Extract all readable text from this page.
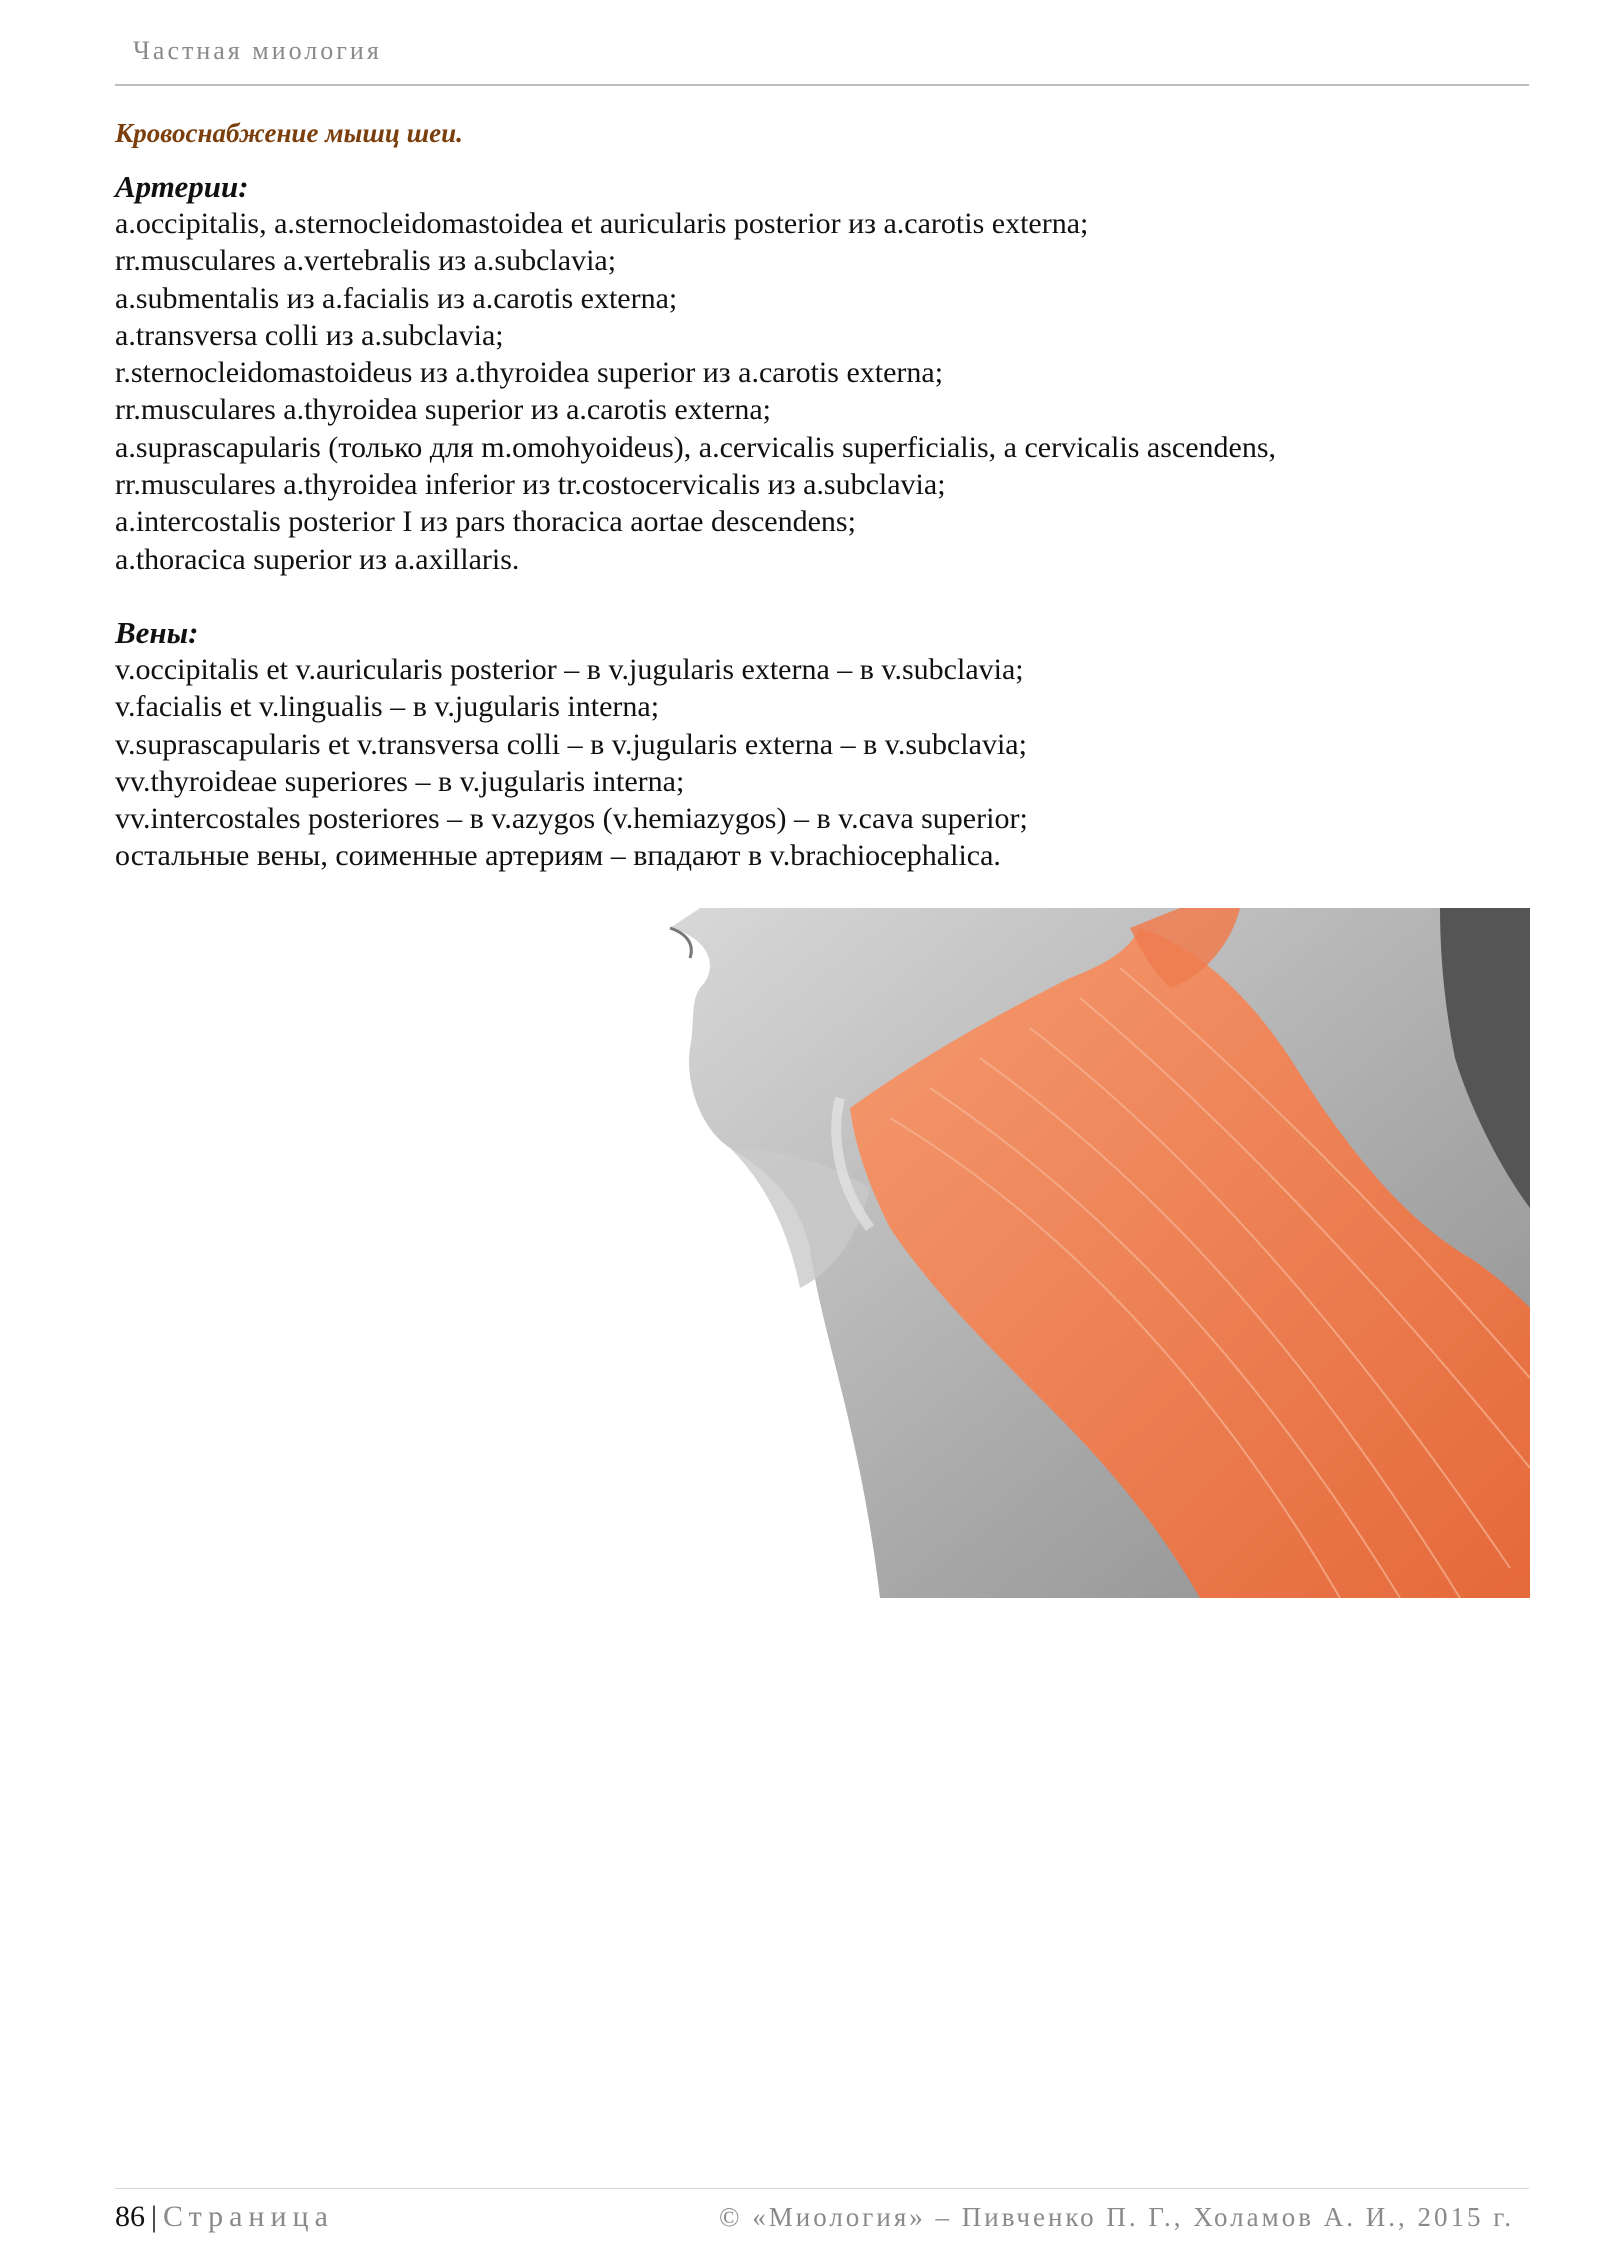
Частная миология
Кровоснабжение мышц шеи.
Артерии:
a.occipitalis, a.sternocleidomastoidea et auricularis posterior из a.carotis externa;
rr.musculares a.vertebralis из a.subclavia;
a.submentalis из a.facialis из a.carotis externa;
a.transversa colli из a.subclavia;
r.sternocleidomastoideus из a.thyroidea superior из a.carotis externa;
rr.musculares a.thyroidea superior из a.carotis externa;
a.suprascapularis (только для m.omohyoideus), a.cervicalis superficialis, a cervicalis ascendens,
rr.musculares a.thyroidea inferior из tr.costocervicalis из a.subclavia;
a.intercostalis posterior I из pars thoracica aortae descendens;
a.thoracica superior из a.axillaris.
Вены:
v.occipitalis et v.auricularis posterior – в v.jugularis externa – в v.subclavia;
v.facialis et v.lingualis – в v.jugularis interna;
v.suprascapularis et v.transversa colli – в v.jugularis externa – в v.subclavia;
vv.thyroideae superiores – в v.jugularis interna;
vv.intercostales posteriores – в v.azygos (v.hemiazygos) – в v.cava superior;
остальные вены, соименные артериям – впадают в v.brachiocephalica.
86 | Страница	© «Миология» – Пивченко П. Г., Холамов А. И., 2015 г.
